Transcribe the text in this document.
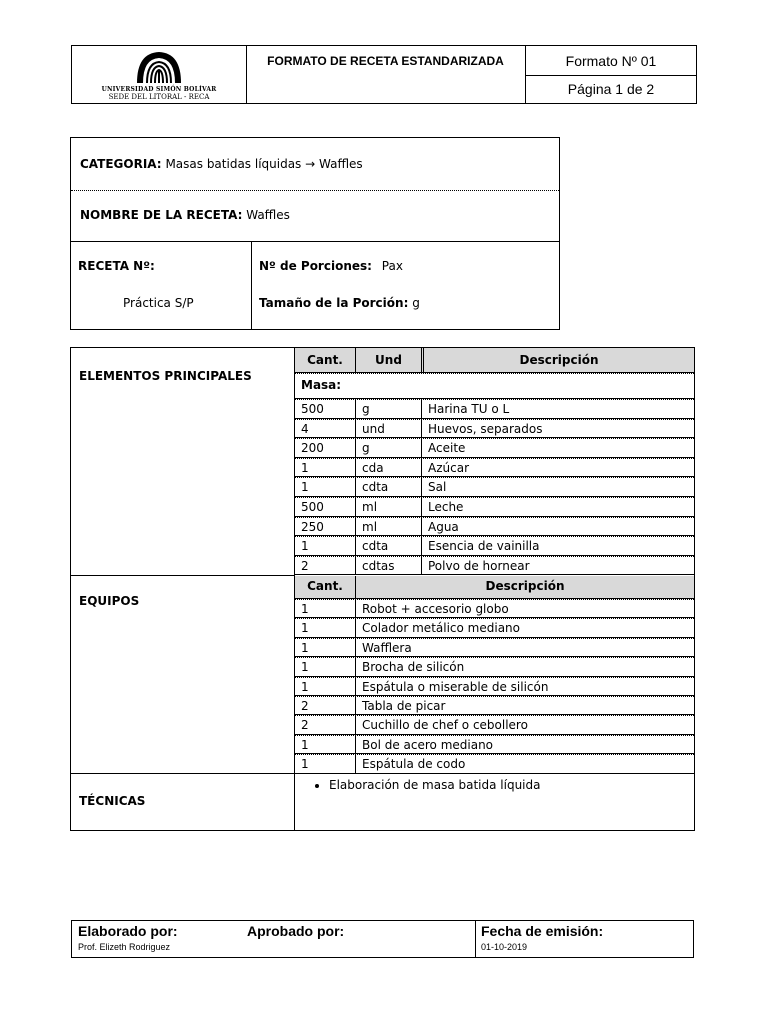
UNIVERSIDAD SIMÓN BOLÍVAR
SEDE DEL LITORAL - RECA
FORMATO DE RECETA ESTANDARIZADA	Formato Nº 01
Página 1 de 2
CATEGORIA: Masas batidas líquidas → Waffles
NOMBRE DE LA RECETA: Waffles
RECETA Nº:
Práctica S/P
Nº de Porciones: Pax
Tamaño de la Porción: g
ELEMENTOS PRINCIPALES
EQUIPOS
TÉCNICAS
Cant.	Und	Descripción
Masa:
500	g	Harina TU o L
4	und	Huevos, separados
200	g	Aceite
1	cda	Azúcar
1	cdta	Sal
500	ml	Leche
250	ml	Agua
1	cdta	Esencia de vainilla
2	cdtas	Polvo de hornear
Cant.	Descripción
1	Robot + accesorio globo
1	Colador metálico mediano
1	Wafflera
1	Brocha de silicón
1	Espátula o miserable de silicón
2	Tabla de picar
2	Cuchillo de chef o cebollero
1	Bol de acero mediano
1	Espátula de codo
• Elaboración de masa batida líquida
Elaborado por:
Prof. Elizeth Rodriguez
Aprobado por:	Fecha de emisión:
01-10-2019
